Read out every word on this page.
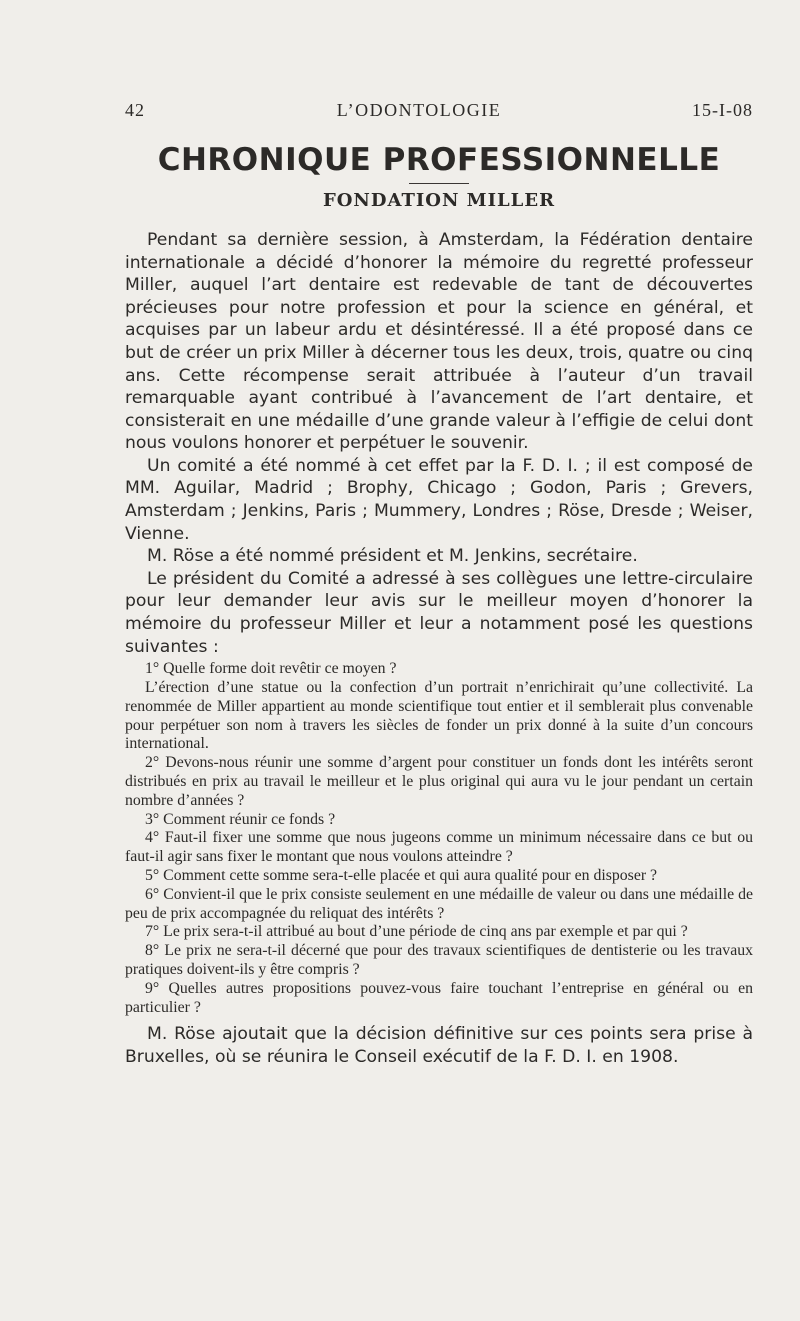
42	L’ODONTOLOGIE	15-I-08
CHRONIQUE PROFESSIONNELLE
FONDATION MILLER

Pendant sa dernière session, à Amsterdam, la Fédération dentaire internationale a décidé d’honorer la mémoire du regretté professeur Miller, auquel l’art dentaire est redevable de tant de découvertes précieuses pour notre profession et pour la science en général, et acquises par un labeur ardu et désintéressé. Il a été proposé dans ce but de créer un prix Miller à décerner tous les deux, trois, quatre ou cinq ans. Cette récompense serait attribuée à l’auteur d’un travail remarquable ayant contribué à l’avancement de l’art dentaire, et consisterait en une médaille d’une grande valeur à l’effigie de celui dont nous voulons honorer et perpétuer le souvenir.

Un comité a été nommé à cet effet par la F. D. I. ; il est composé de MM. Aguilar, Madrid ; Brophy, Chicago ; Godon, Paris ; Grevers, Amsterdam ; Jenkins, Paris ; Mummery, Londres ; Röse, Dresde ; Weiser, Vienne.

M. Röse a été nommé président et M. Jenkins, secrétaire.

Le président du Comité a adressé à ses collègues une lettre-circulaire pour leur demander leur avis sur le meilleur moyen d’honorer la mémoire du professeur Miller et leur a notamment posé les questions suivantes :

1° Quelle forme doit revêtir ce moyen ?

L’érection d’une statue ou la confection d’un portrait n’enrichirait qu’une collectivité. La renommée de Miller appartient au monde scientifique tout entier et il semblerait plus convenable pour perpétuer son nom à travers les siècles de fonder un prix donné à la suite d’un concours international.

2° Devons-nous réunir une somme d’argent pour constituer un fonds dont les intérêts seront distribués en prix au travail le meilleur et le plus original qui aura vu le jour pendant un certain nombre d’années ?

3° Comment réunir ce fonds ?

4° Faut-il fixer une somme que nous jugeons comme un minimum nécessaire dans ce but ou faut-il agir sans fixer le montant que nous voulons atteindre ?

5° Comment cette somme sera-t-elle placée et qui aura qualité pour en disposer ?

6° Convient-il que le prix consiste seulement en une médaille de valeur ou dans une médaille de peu de prix accompagnée du reliquat des intérêts ?

7° Le prix sera-t-il attribué au bout d’une période de cinq ans par exemple et par qui ?

8° Le prix ne sera-t-il décerné que pour des travaux scientifiques de dentisterie ou les travaux pratiques doivent-ils y être compris ?

9° Quelles autres propositions pouvez-vous faire touchant l’entreprise en général ou en particulier ?

M. Röse ajoutait que la décision définitive sur ces points sera prise à Bruxelles, où se réunira le Conseil exécutif de la F. D. I. en 1908.
